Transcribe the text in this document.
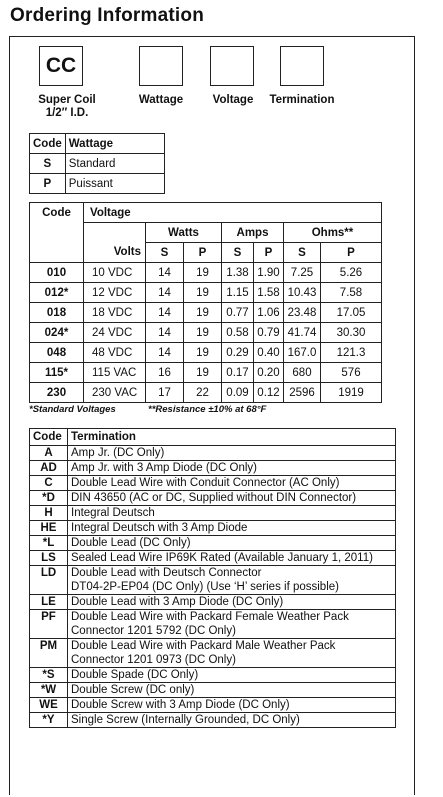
Ordering Information
CC
Super Coil
1/2″ I.D.
Wattage	Voltage	Termination
Code	Wattage
S	Standard
P	Puissant
Code	Voltage						
		Watts		Amps		Ohms**	
	Volts	S	P	S	P	S	P
010	10 VDC	14	19	1.38	1.90	7.25	5.26
012*	12 VDC	14	19	1.15	1.58	10.43	7.58
018	18 VDC	14	19	0.77	1.06	23.48	17.05
024*	24 VDC	14	19	0.58	0.79	41.74	30.30
048	48 VDC	14	19	0.29	0.40	167.0	121.3
115*	115 VAC	16	19	0.17	0.20	680	576
230	230 VAC	17	22	0.09	0.12	2596	1919
*Standard Voltages	**Resistance ±10% at 68°F
Code	Termination
A	Amp Jr. (DC Only)
AD	Amp Jr. with 3 Amp Diode (DC Only)
C	Double Lead Wire with Conduit Connector (AC Only)
*D	DIN 43650 (AC or DC, Supplied without DIN Connector)
H	Integral Deutsch
HE	Integral Deutsch with 3 Amp Diode
*L	Double Lead (DC Only)
LS	Sealed Lead Wire IP69K Rated (Available January 1, 2011)
LD	Double Lead with Deutsch Connector
DT04-2P-EP04 (DC Only) (Use ‘H’ series if possible)
LE	Double Lead with 3 Amp Diode (DC Only)
PF	Double Lead Wire with Packard Female Weather Pack
Connector 1201 5792 (DC Only)
PM	Double Lead Wire with Packard Male Weather Pack
Connector 1201 0973 (DC Only)
*S	Double Spade (DC Only)
*W	Double Screw (DC only)
WE	Double Screw with 3 Amp Diode (DC Only)
*Y	Single Screw (Internally Grounded, DC Only)
